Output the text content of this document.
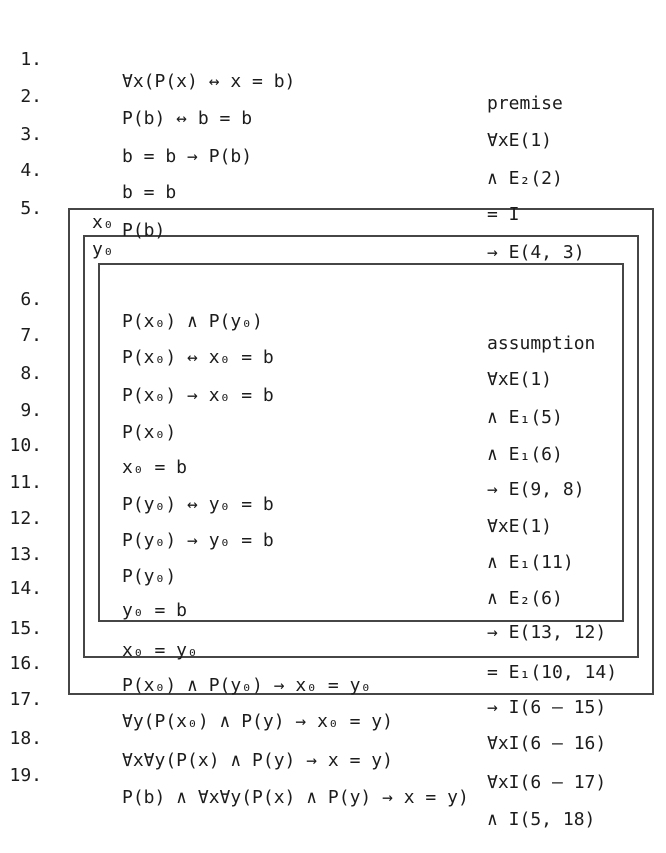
x₀
y₀

1.

∀x(P(x) ↔ x = b)

premise

2.

P(b) ↔ b = b

∀xE(1)

3.

b = b → P(b)

∧ E₂(2)

4.

b = b

= I

5.

P(b)

→ E(4, 3)

6.

P(x₀) ∧ P(y₀)

assumption

7.

P(x₀) ↔ x₀ = b

∀xE(1)

8.

P(x₀) → x₀ = b

∧ E₁(5)

9.

P(x₀)

∧ E₁(6)

10.

x₀ = b

→ E(9, 8)

11.

P(y₀) ↔ y₀ = b

∀xE(1)

12.

P(y₀) → y₀ = b

∧ E₁(11)

13.

P(y₀)

∧ E₂(6)

14.

y₀ = b

→ E(13, 12)

15.

x₀ = y₀

= E₁(10, 14)

16.

P(x₀) ∧ P(y₀) → x₀ = y₀

→ I(6 – 15)

17.

∀y(P(x₀) ∧ P(y) → x₀ = y)

∀xI(6 – 16)

18.

∀x∀y(P(x) ∧ P(y) → x = y)

∀xI(6 – 17)

19.

P(b) ∧ ∀x∀y(P(x) ∧ P(y) → x = y)

∧ I(5, 18)
